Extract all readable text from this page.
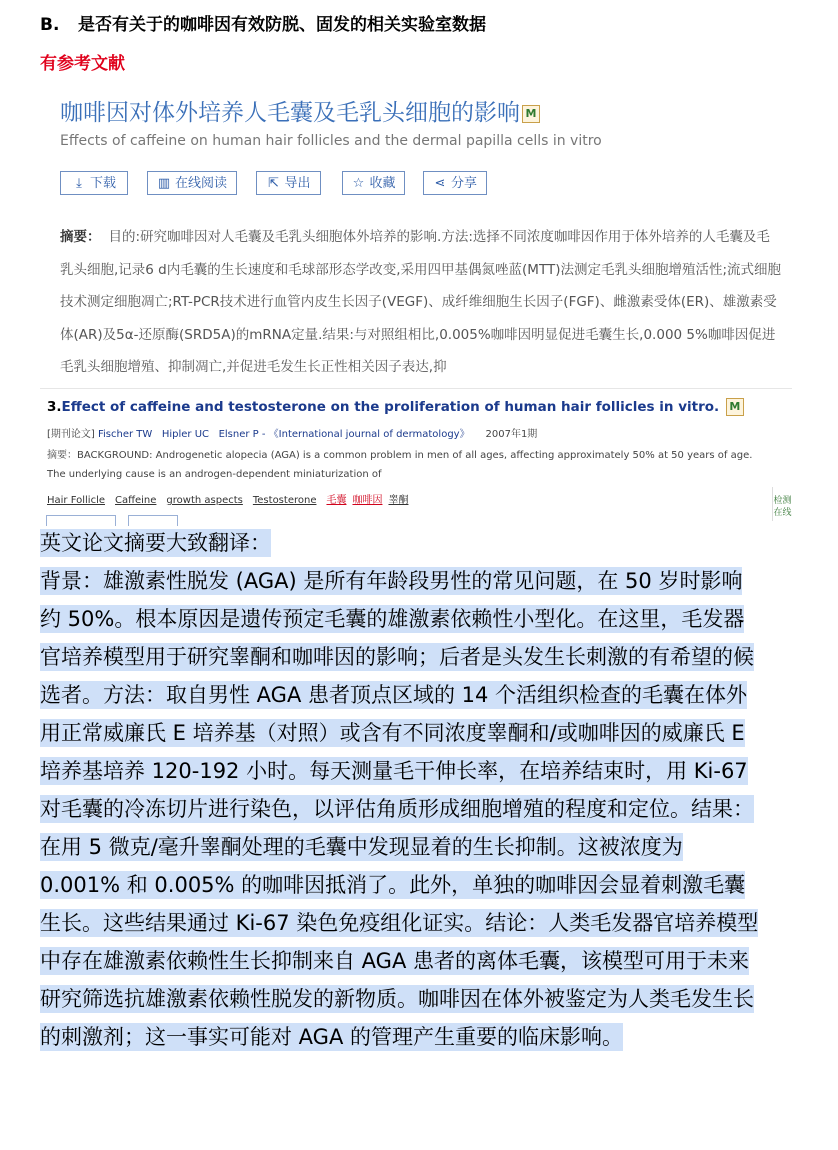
B. 是否有关于的咖啡因有效防脱、固发的相关实验室数据
有参考文献
咖啡因对体外培养人毛囊及毛乳头细胞的影响 M
Effects of caffeine on human hair follicles and the dermal papilla cells in vitro
⤓ 下载	▥ 在线阅读	⇱ 导出	☆ 收藏	⋖ 分享
摘要： 目的:研究咖啡因对人毛囊及毛乳头细胞体外培养的影响.方法:选择不同浓度咖啡因作用于体外培养的人毛囊及毛乳头细胞,记录6 d内毛囊的生长速度和毛球部形态学改变,采用四甲基偶氮唑蓝(MTT)法测定毛乳头细胞增殖活性;流式细胞技术测定细胞凋亡;RT-PCR技术进行血管内皮生长因子(VEGF)、成纤维细胞生长因子(FGF)、雌激素受体(ER)、雄激素受体(AR)及5α-还原酶(SRD5A)的mRNA定量.结果:与对照组相比,0.005%咖啡因明显促进毛囊生长,0.000 5%咖啡因促进毛乳头细胞增殖、抑制凋亡,并促进毛发生长正性相关因子表达,抑
3.Effect of caffeine and testosterone on the proliferation of human hair follicles in vitro. M
[期刊论文] Fischer TW Hipler UC Elsner P - 《International journal of dermatology》 2007年1期
摘要：BACKGROUND: Androgenetic alopecia (AGA) is a common problem in men of all ages, affecting approximately 50% at 50 years of age. The underlying cause is an androgen-dependent miniaturization of
Hair Follicle Caffeine growth aspects Testosterone 毛囊 咖啡因 睾酮	检测 在线
英文论文摘要大致翻译：
背景：雄激素性脱发 (AGA) 是所有年龄段男性的常见问题，在 50 岁时影响约 50%。根本原因是遗传预定毛囊的雄激素依赖性小型化。在这里，毛发器官培养模型用于研究睾酮和咖啡因的影响；后者是头发生长刺激的有希望的候选者。方法：取自男性 AGA 患者顶点区域的 14 个活组织检查的毛囊在体外用正常威廉氏 E 培养基（对照）或含有不同浓度睾酮和/或咖啡因的威廉氏 E 培养基培养 120-192 小时。每天测量毛干伸长率，在培养结束时，用 Ki-67 对毛囊的冷冻切片进行染色，以评估角质形成细胞增殖的程度和定位。结果：在用 5 微克/毫升睾酮处理的毛囊中发现显着的生长抑制。这被浓度为 0.001% 和 0.005% 的咖啡因抵消了。此外，单独的咖啡因会显着刺激毛囊生长。这些结果通过 Ki-67 染色免疫组化证实。结论：人类毛发器官培养模型中存在雄激素依赖性生长抑制来自 AGA 患者的离体毛囊，该模型可用于未来研究筛选抗雄激素依赖性脱发的新物质。咖啡因在体外被鉴定为人类毛发生长的刺激剂；这一事实可能对 AGA 的管理产生重要的临床影响。
